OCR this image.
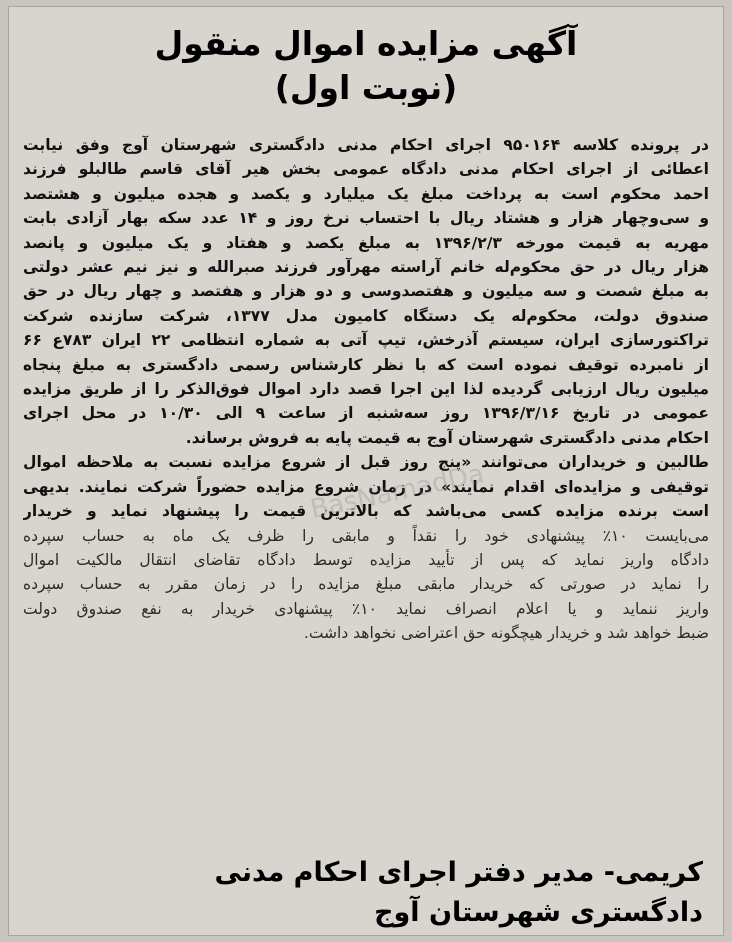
آگهی مزایده اموال منقول
(نوبت اول)
در پرونده کلاسه ۹۵۰۱۶۴ اجرای احکام مدنی دادگستری شهرستان آوج وفق نیابت
اعطائی از اجرای احکام مدنی دادگاه عمومی بخش هیر آقای قاسم طالبلو فرزند
احمد محکوم است به پرداخت مبلغ یک میلیارد و یکصد و هجده میلیون و هشتصد
و سی‌وچهار هزار و هشتاد ریال با احتساب نرخ روز و ۱۴ عدد سکه بهار آزادی بابت
مهریه به قیمت مورخه ۱۳۹۶/۲/۳ به مبلغ یکصد و هفتاد و یک میلیون و پانصد
هزار ریال در حق محکوم‌له خانم آراسته مهرآور فرزند صبرالله و نیز نیم عشر دولتی
به مبلغ شصت و سه میلیون و هفتصدوسی و دو هزار و هفتصد و چهار ریال در حق
صندوق دولت، محکوم‌له یک دستگاه کامیون مدل ۱۳۷۷، شرکت سازنده شرکت
تراکتورسازی ایران، سیستم آذرخش، تیپ آتی به شماره انتظامی ۲۲ ایران ۷۸۳ع ۶۶
از نامبرده توقیف نموده است که با نظر کارشناس رسمی دادگستری به مبلغ پنجاه
میلیون ریال ارزیابی گردیده لذا این اجرا قصد دارد اموال فوق‌الذکر را از طریق مزایده
عمومی در تاریخ ۱۳۹۶/۳/۱۶ روز سه‌شنبه از ساعت ۹ الی ۱۰/۳۰ در محل اجرای
احکام مدنی دادگستری شهرستان آوج به قیمت پایه به فروش برساند.
طالبین و خریداران می‌توانند «پنج روز قبل از شروع مزایده نسبت به ملاحظه اموال
توقیفی و مزایده‌ای اقدام نمایند» در زمان شروع مزایده حضوراً شرکت نمایند. بدیهی
است برنده مزایده کسی می‌باشد که بالاترین قیمت را پیشنهاد نماید و خریدار
می‌بایست ۱۰٪ پیشنهادی خود را نقداً و مابقی را ظرف یک ماه به حساب سپرده
دادگاه واریز نماید که پس از تأیید مزایده توسط دادگاه تقاضای انتقال مالکیت اموال
را نماید در صورتی که خریدار مابقی مبلغ مزایده را در زمان مقرر به حساب سپرده
واریز ننماید و یا اعلام انصراف نماید ۱۰٪ پیشنهادی خریدار به نفع صندوق دولت
ضبط خواهد شد و خریدار هیچگونه حق اعتراضی نخواهد داشت.
BasNamadDa
کریمی- مدیر دفتر اجرای احکام مدنی
دادگستری شهرستان آوج
